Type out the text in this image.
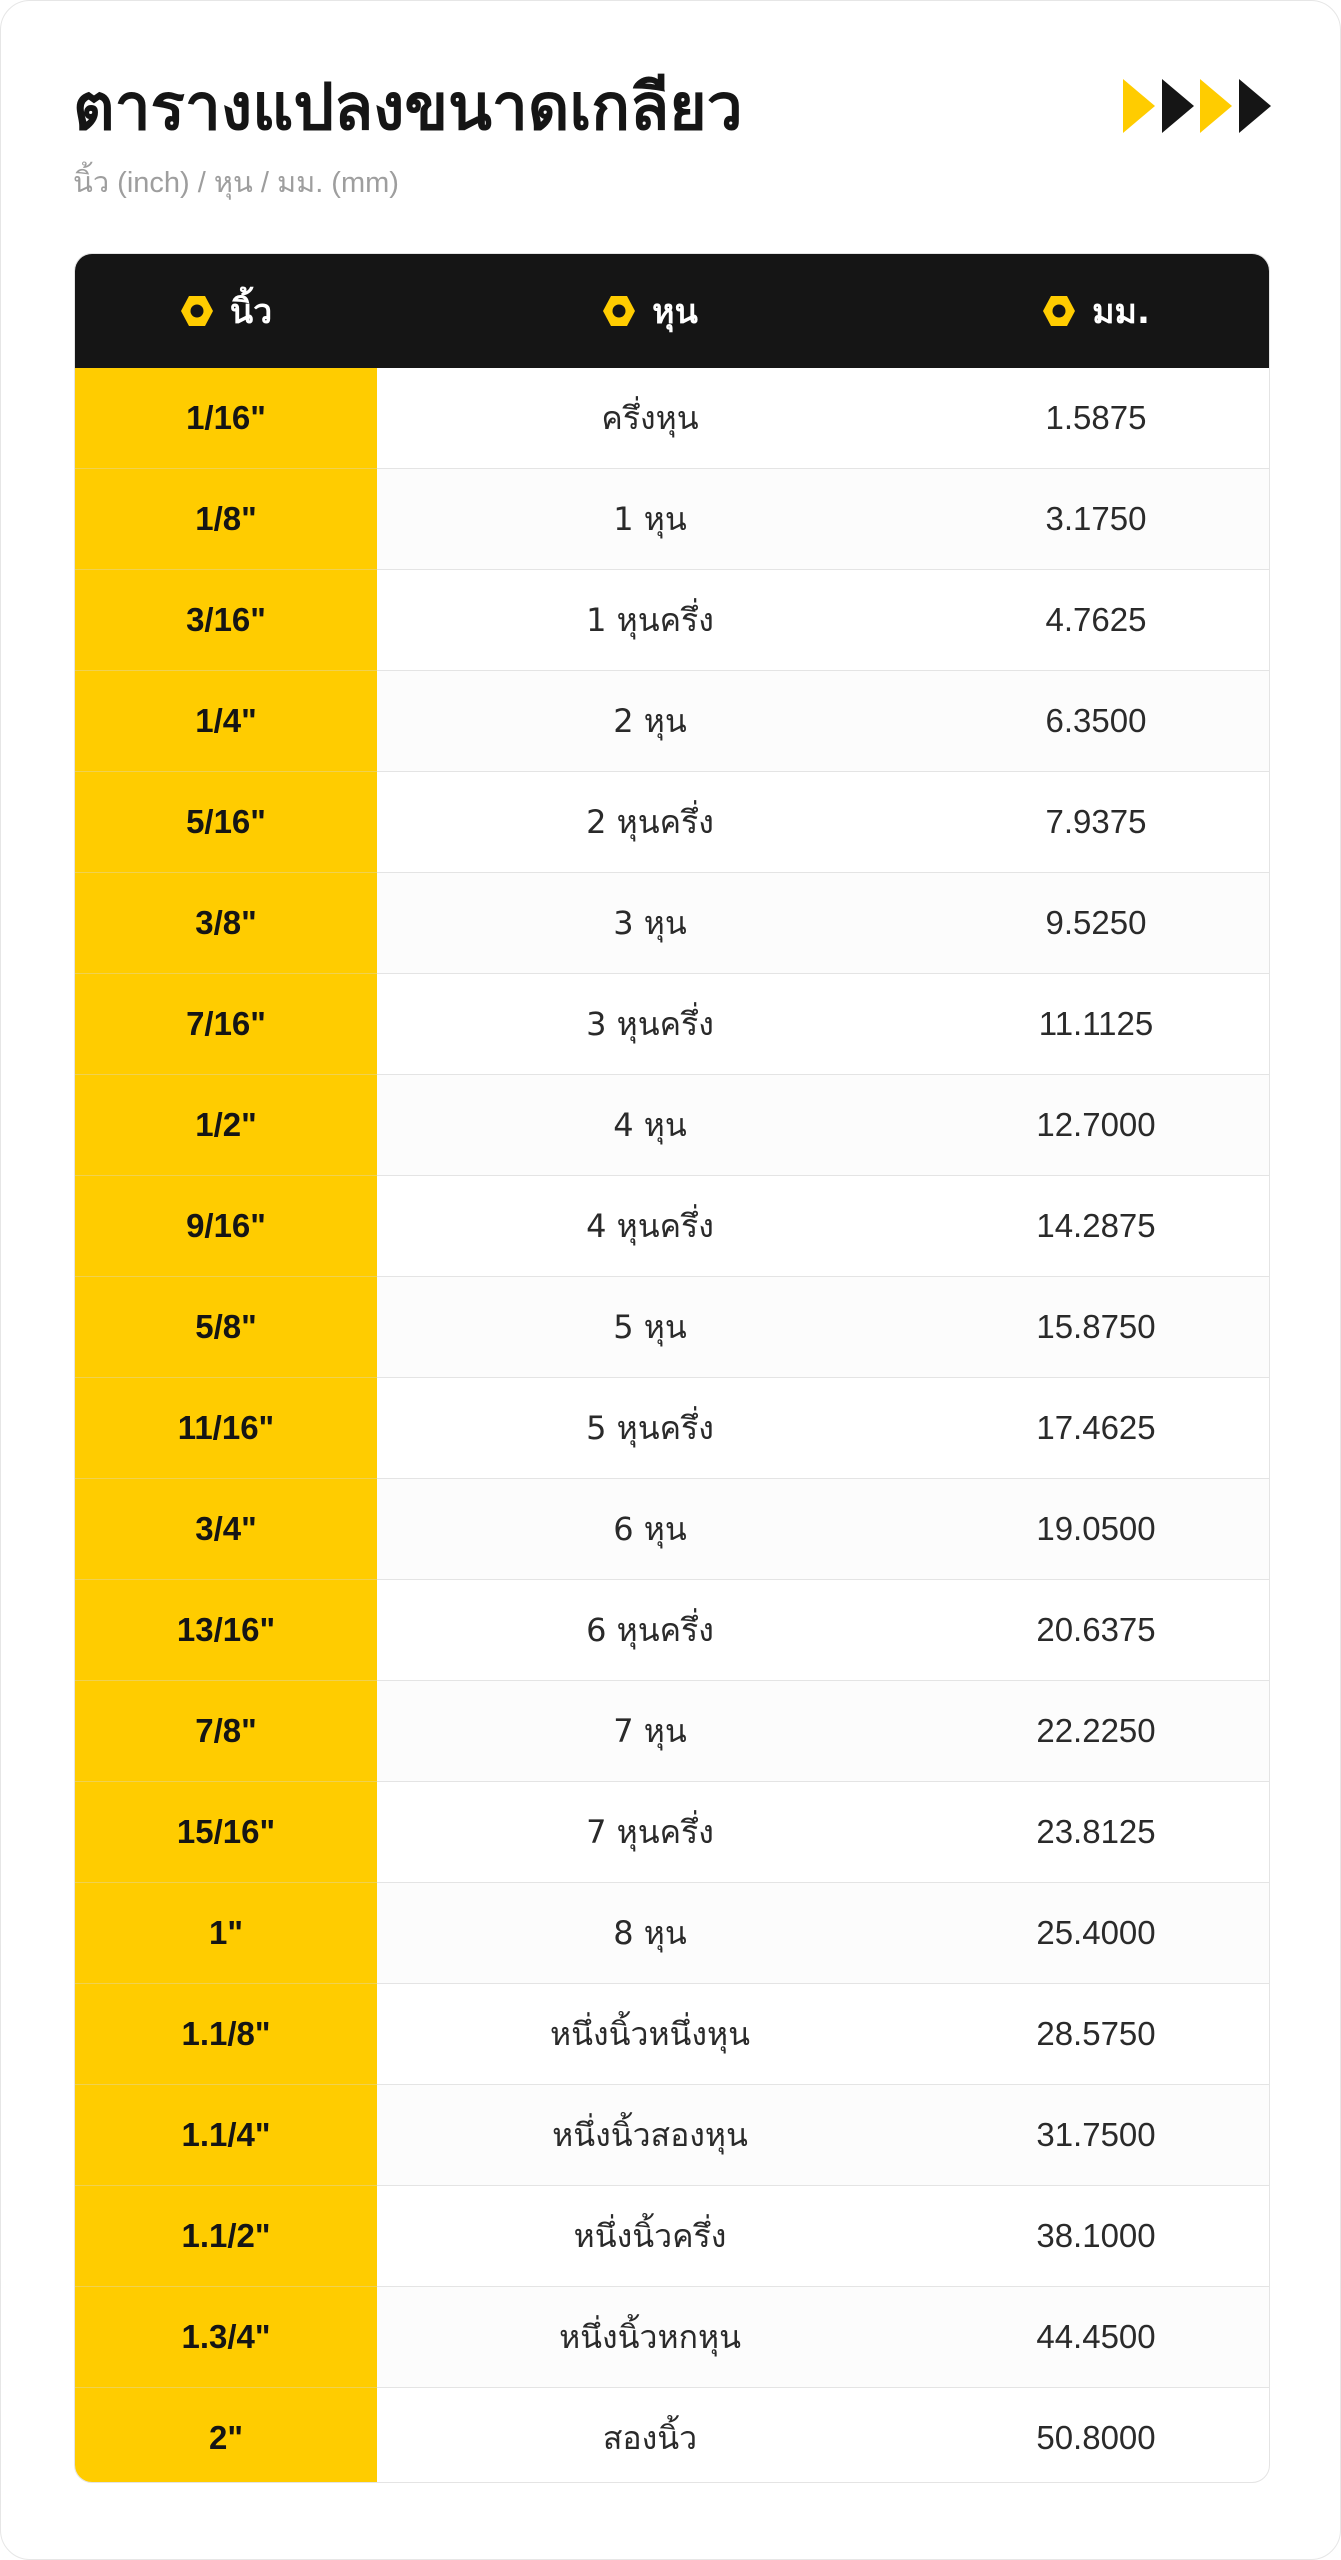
ตารางแปลงขนาดเกลียว
นิ้ว (inch) / หุน / มม. (mm)
นิ้ว	หุน	มม.
1/16"	ครึ่งหุน	1.5875
1/8"	1 หุน	3.1750
3/16"	1 หุนครึ่ง	4.7625
1/4"	2 หุน	6.3500
5/16"	2 หุนครึ่ง	7.9375
3/8"	3 หุน	9.5250
7/16"	3 หุนครึ่ง	11.1125
1/2"	4 หุน	12.7000
9/16"	4 หุนครึ่ง	14.2875
5/8"	5 หุน	15.8750
11/16"	5 หุนครึ่ง	17.4625
3/4"	6 หุน	19.0500
13/16"	6 หุนครึ่ง	20.6375
7/8"	7 หุน	22.2250
15/16"	7 หุนครึ่ง	23.8125
1"	8 หุน	25.4000
1.1/8"	หนึ่งนิ้วหนึ่งหุน	28.5750
1.1/4"	หนึ่งนิ้วสองหุน	31.7500
1.1/2"	หนึ่งนิ้วครึ่ง	38.1000
1.3/4"	หนึ่งนิ้วหกหุน	44.4500
2"	สองนิ้ว	50.8000
